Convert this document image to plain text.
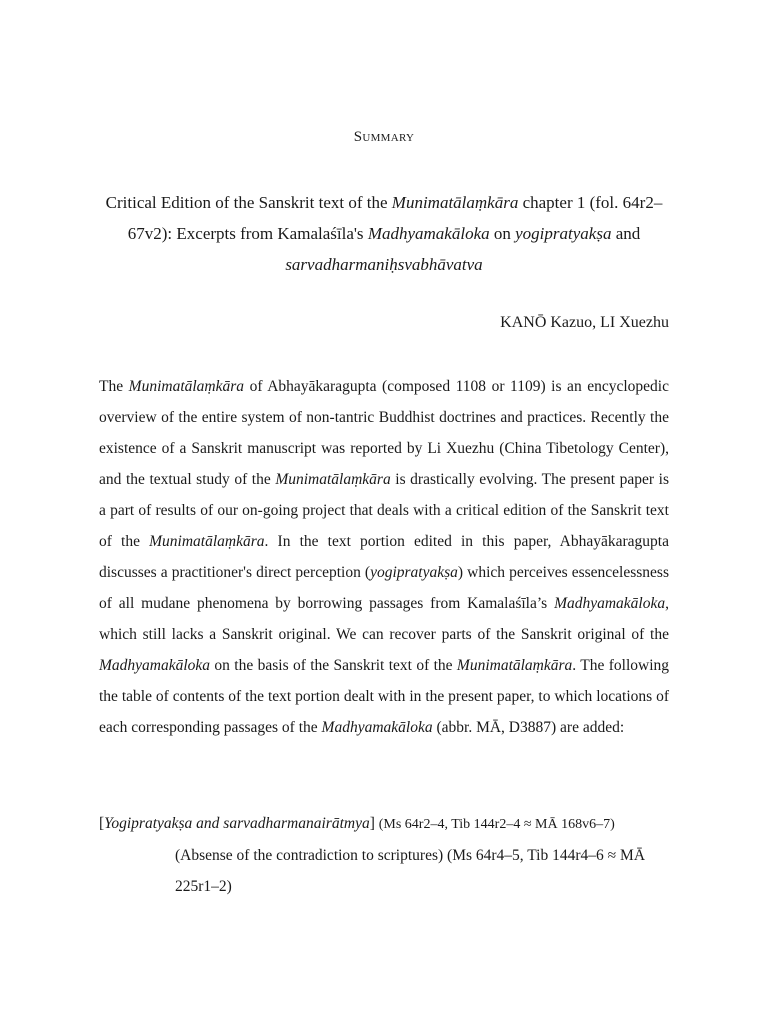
Summary
Critical Edition of the Sanskrit text of the Munimatālaṃkāra chapter 1 (fol. 64r2–67v2): Excerpts from Kamalaśīla's Madhyamakāloka on yogipratyakṣa and sarvadharmaniḥsvabhāvatva
KANŌ Kazuo, LI Xuezhu

The Munimatālaṃkāra of Abhayākaragupta (composed 1108 or 1109) is an encyclopedic overview of the entire system of non-tantric Buddhist doctrines and practices. Recently the existence of a Sanskrit manuscript was reported by Li Xuezhu (China Tibetology Center), and the textual study of the Munimatālaṃkāra is drastically evolving. The present paper is a part of results of our on-going project that deals with a critical edition of the Sanskrit text of the Munimatālaṃkāra. In the text portion edited in this paper, Abhayākaragupta discusses a practitioner's direct perception (yogipratyakṣa) which perceives essencelessness of all mudane phenomena by borrowing passages from Kamalaśīla’s Madhyamakāloka, which still lacks a Sanskrit original. We can recover parts of the Sanskrit original of the Madhyamakāloka on the basis of the Sanskrit text of the Munimatālaṃkāra. The following the table of contents of the text portion dealt with in the present paper, to which locations of each corresponding passages of the Madhyamakāloka (abbr. MĀ, D3887) are added:

[Yogipratyakṣa and sarvadharmanairātmya] (Ms 64r2–4, Tib 144r2–4 ≈ MĀ 168v6–7)
(Absense of the contradiction to scriptures) (Ms 64r4–5, Tib 144r4–6 ≈ MĀ 225r1–2)
